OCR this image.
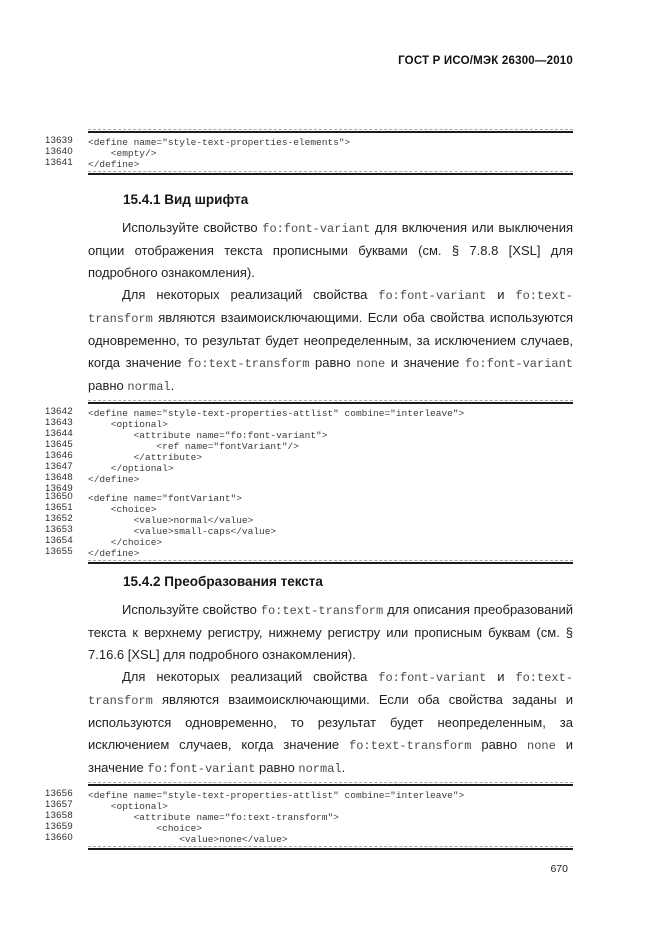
ГОСТ Р ИСО/МЭК 26300—2010
13639	<define name="style-text-properties-elements">
13640	<empty/>
13641	</define>
15.4.1 Вид шрифта

Используйте свойство fo:font-variant для включения или выключения опции отображения текста прописными буквами (см. § 7.8.8 [XSL] для подробного ознакомления).

Для некоторых реализаций свойства fo:font-variant и fo:text-transform являются взаимоисключающими. Если оба свойства используются одновременно, то результат будет неопределенным, за исключением случаев, когда значение fo:text-transform равно none и значение fo:font-variant равно normal.

13642	<define name="style-text-properties-attlist" combine="interleave">
13643	<optional>
13644	<attribute name="fo:font-variant">
13645	<ref name="fontVariant"/>
13646	</attribute>
13647	</optional>
13648	</define>
13649
13650	<define name="fontVariant">
13651	<choice>
13652	<value>normal</value>
13653	<value>small-caps</value>
13654	</choice>
13655	</define>
15.4.2 Преобразования текста

Используйте свойство fo:text-transform для описания преобразований текста к верхнему регистру, нижнему регистру или прописным буквам (см. § 7.16.6 [XSL] для подробного ознакомления).

Для некоторых реализаций свойства fo:font-variant и fo:text-transform являются взаимоисключающими. Если оба свойства заданы и используются одновременно, то результат будет неопределенным, за исключением случаев, когда значение fo:text-transform равно none и значение fo:font-variant равно normal.

13656	<define name="style-text-properties-attlist" combine="interleave">
13657	<optional>
13658	<attribute name="fo:text-transform">
13659	<choice>
13660	<value>none</value>
670
